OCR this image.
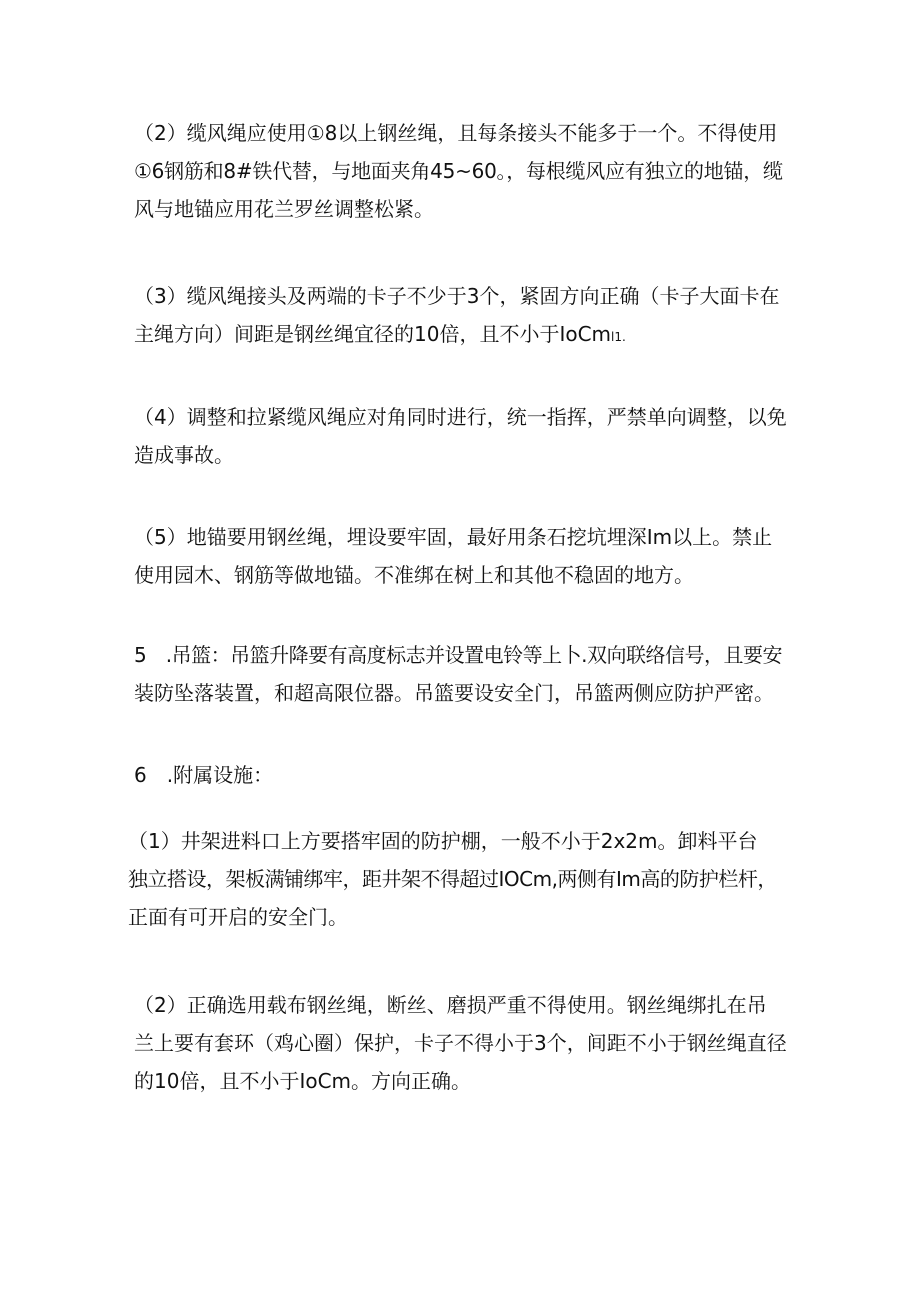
（2）缆风绳应使用①8以上钢丝绳，且每条接头不能多于一个。不得使用
①6钢筋和8#铁代替，与地面夹角45~60。，每根缆风应有独立的地锚，缆
风与地锚应用花兰罗丝调整松紧。
（3）缆风绳接头及两端的卡子不少于3个，紧固方向正确（卡子大面卡在
主绳方向）间距是钢丝绳宜径的10倍，且不小于IoCml1.
（4）调整和拉紧缆风绳应对角同时进行，统一指挥，严禁单向调整，以免
造成事故。
（5）地锚要用钢丝绳，埋设要牢固，最好用条石挖坑埋深Im以上。禁止
使用园木、钢筋等做地锚。不准绑在树上和其他不稳固的地方。
5　.吊篮：吊篮升降要有高度标志并设置电铃等上卜.双向联络信号，且要安
装防坠落装置，和超高限位器。吊篮要设安全门，吊篮两侧应防护严密。
6　.附属设施：
（1）井架进料口上方要搭牢固的防护棚，一般不小于2x2m。卸料平台
独立搭设，架板满铺绑牢，距井架不得超过IOCm,两侧有Im高的防护栏杆，
正面有可开启的安全门。
（2）正确选用载布钢丝绳，断丝、磨损严重不得使用。钢丝绳绑扎在吊
兰上要有套环（鸡心圈）保护，卡子不得小于3个，间距不小于钢丝绳直径
的10倍，且不小于IoCm。方向正确。
